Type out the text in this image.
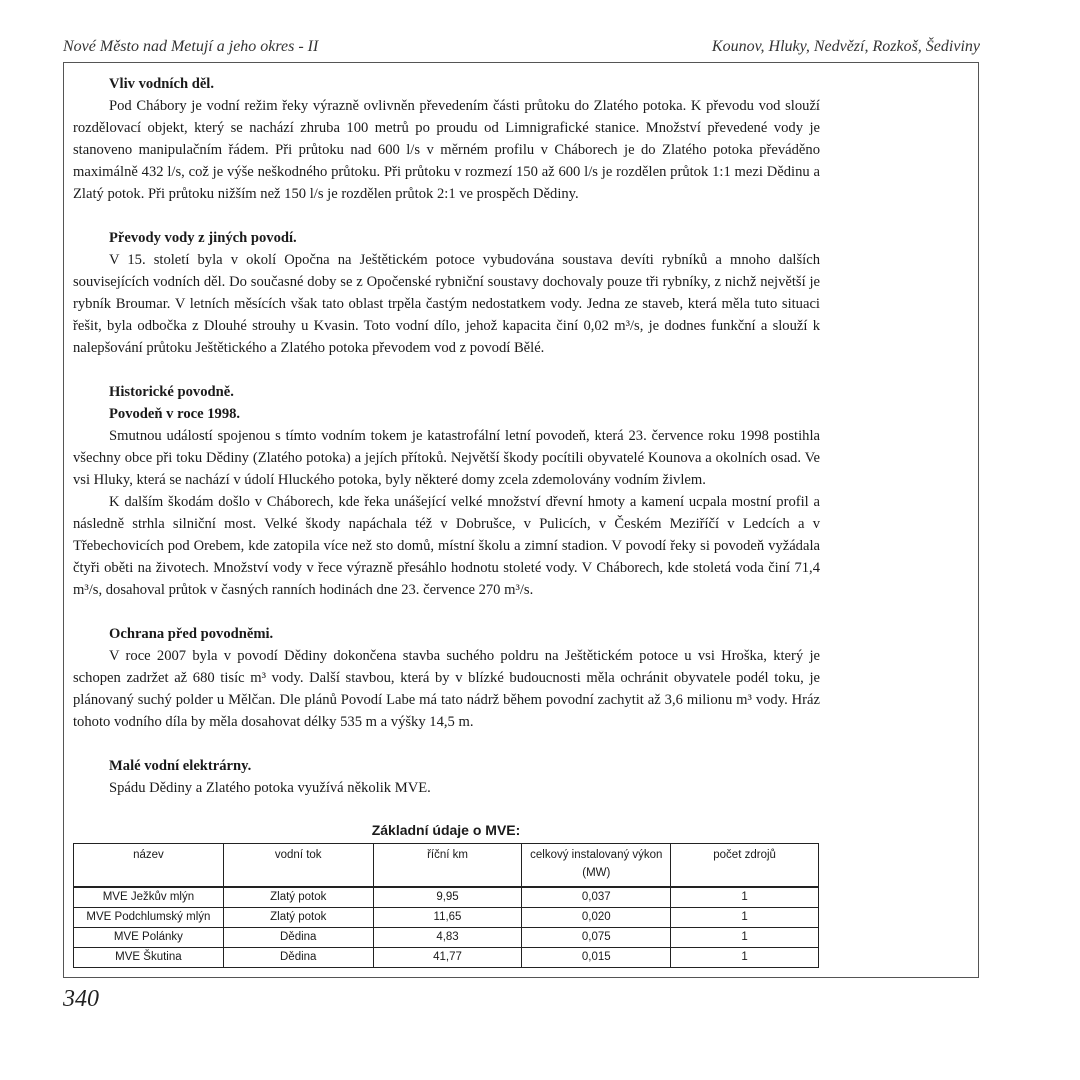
Nové Město nad Metují a jeho okres - II	Kounov, Hluky, Nedvězí, Rozkoš, Šediviny
Vliv vodních děl.

Pod Chábory je vodní režim řeky výrazně ovlivněn převedením části průtoku do Zlatého potoka. K převodu vod slouží rozdělovací objekt, který se nachází zhruba 100 metrů po proudu od Limnigrafické stanice. Množství převedené vody je stanoveno manipulačním řádem. Při průtoku nad 600 l/s v měrném profilu v Cháborech je do Zlatého potoka převáděno maximálně 432 l/s, což je výše neškodného průtoku. Při průtoku v rozmezí 150 až 600 l/s je rozdělen průtok 1:1 mezi Dědinu a Zlatý potok. Při průtoku nižším než 150 l/s je rozdělen průtok 2:1 ve prospěch Dědiny.

Převody vody z jiných povodí.

V 15. století byla v okolí Opočna na Ještětickém potoce vybudována soustava devíti rybníků a mnoho dalších souvisejících vodních děl. Do současné doby se z Opočenské rybniční soustavy dochovaly pouze tři rybníky, z nichž největší je rybník Broumar. V letních měsících však tato oblast trpěla častým nedostatkem vody. Jedna ze staveb, která měla tuto situaci řešit, byla odbočka z Dlouhé strouhy u Kvasin. Toto vodní dílo, jehož kapacita činí 0,02 m³/s, je dodnes funkční a slouží k nalepšování průtoku Ještětického a Zlatého potoka převodem vod z povodí Bělé.

Historické povodně.
Povodeň v roce 1998.

Smutnou událostí spojenou s tímto vodním tokem je katastrofální letní povodeň, která 23. července roku 1998 postihla všechny obce při toku Dědiny (Zlatého potoka) a jejích přítoků. Největší škody pocítili obyvatelé Kounova a okolních osad. Ve vsi Hluky, která se nachází v údolí Hluckého potoka, byly některé domy zcela zdemolovány vodním živlem.

K dalším škodám došlo v Cháborech, kde řeka unášející velké množství dřevní hmoty a kamení ucpala mostní profil a následně strhla silniční most. Velké škody napáchala též v Dobrušce, v Pulicích, v Českém Meziříčí v Ledcích a v Třebechovicích pod Orebem, kde zatopila více než sto domů, místní školu a zimní stadion. V povodí řeky si povodeň vyžádala čtyři oběti na životech. Množství vody v řece výrazně přesáhlo hodnotu stoleté vody. V Cháborech, kde stoletá voda činí 71,4 m³/s, dosahoval průtok v časných ranních hodinách dne 23. července 270 m³/s.

Ochrana před povodněmi.

V roce 2007 byla v povodí Dědiny dokončena stavba suchého poldru na Ještětickém potoce u vsi Hroška, který je schopen zadržet až 680 tisíc m³ vody. Další stavbou, která by v blízké budoucnosti měla ochránit obyvatele podél toku, je plánovaný suchý polder u Mělčan. Dle plánů Povodí Labe má tato nádrž během povodní zachytit až 3,6 milionu m³ vody. Hráz tohoto vodního díla by měla dosahovat délky 535 m a výšky 14,5 m.

Malé vodní elektrárny.

Spádu Dědiny a Zlatého potoka využívá několik MVE.

Základní údaje o MVE:
název	vodní tok	říční km	celkový instalovaný výkon (MW)	počet zdrojů
MVE Ježkův mlýn	Zlatý potok	9,95	0,037	1
MVE Podchlumský mlýn	Zlatý potok	11,65	0,020	1
MVE Polánky	Dědina	4,83	0,075	1
MVE Škutina	Dědina	41,77	0,015	1
340
